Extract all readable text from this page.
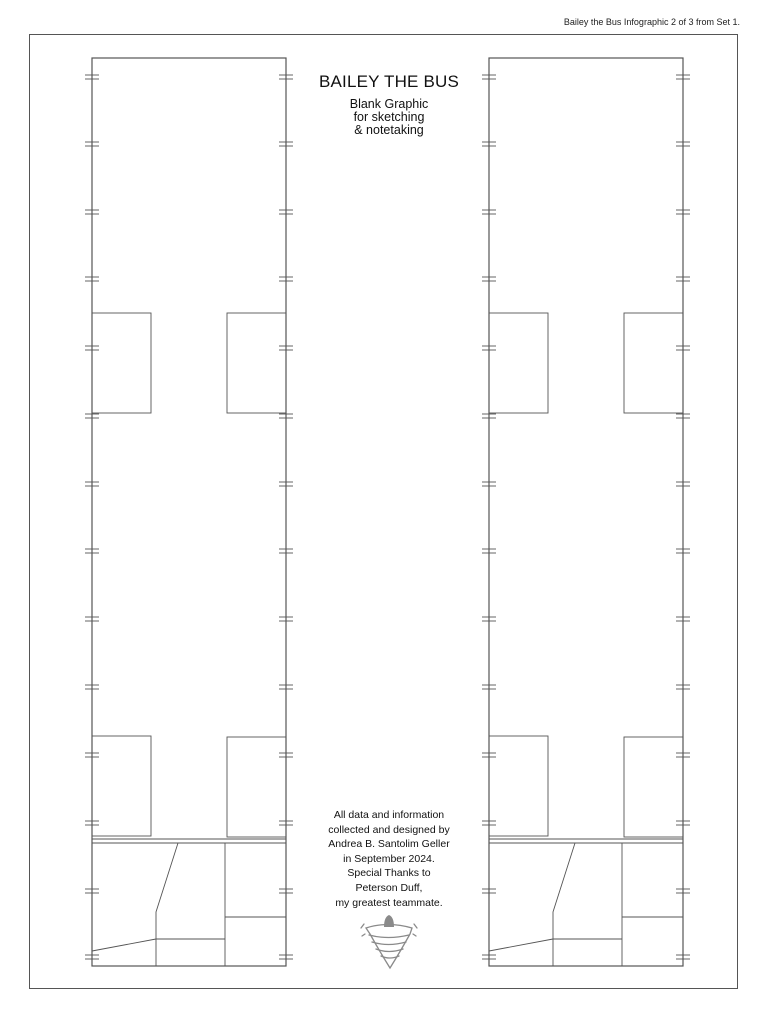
Bailey the Bus Infographic 2 of 3 from Set 1.
BAILEY THE BUS
Blank Graphic
for sketching
& notetaking
All data and information
collected and designed by
Andrea B. Santolim Geller
in September 2024.
Special Thanks to
Peterson Duff,
my greatest teammate.
